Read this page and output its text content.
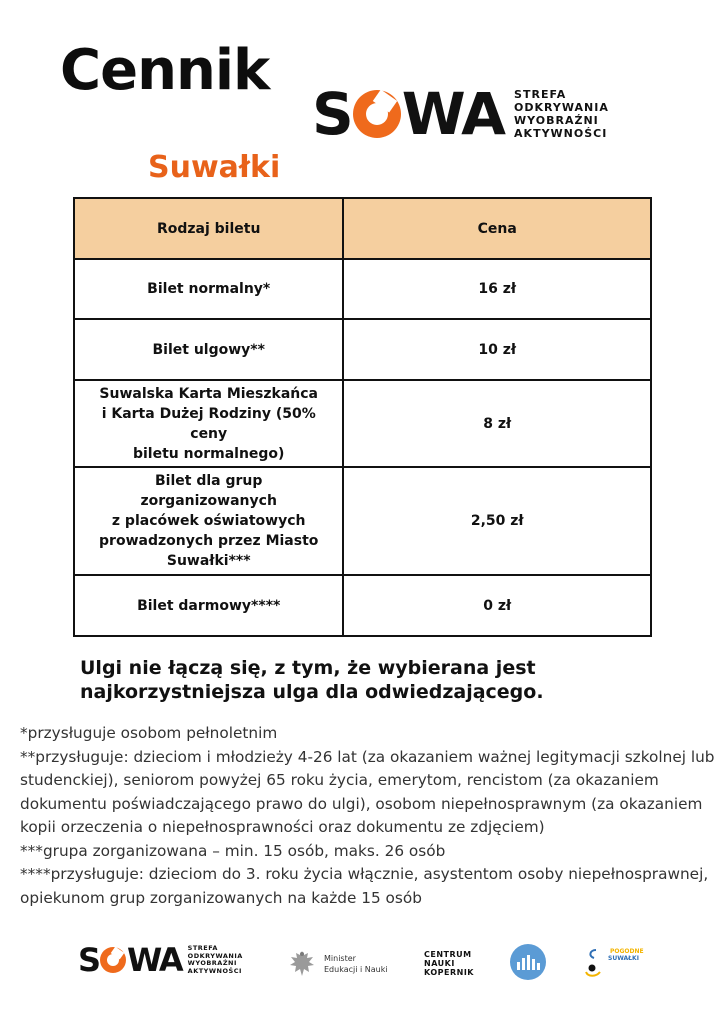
Cennik
S WA STREFA
ODKRYWANIA
WYOBRAŹNI
AKTYWNOŚCI
Suwałki
Rodzaj biletu	Cena
Bilet normalny*	16 zł
Bilet ulgowy**	10 zł

Suwalska Karta Mieszkańca
i Karta Dużej Rodziny (50% ceny
biletu normalnego)	8 zł

Bilet dla grup zorganizowanych
z placówek oświatowych
prowadzonych przez Miasto
Suwałki***	2,50 zł
Bilet darmowy****	0 zł
Ulgi nie łączą się, z tym, że wybierana jest
najkorzystniejsza ulga dla odwiedzającego.
*przysługuje osobom pełnoletnim
**przysługuje: dzieciom i młodzieży 4-26 lat (za okazaniem ważnej legitymacji szkolnej lub
studenckiej), seniorom powyżej 65 roku życia, emerytom, rencistom (za okazaniem
dokumentu poświadczającego prawo do ulgi), osobom niepełnosprawnym (za okazaniem
kopii orzeczenia o niepełnosprawności oraz dokumentu ze zdjęciem)
***grupa zorganizowana – min. 15 osób, maks. 26 osób
****przysługuje: dzieciom do 3. roku życia włącznie, asystentom osoby niepełnosprawnej,
opiekunom grup zorganizowanych na każde 15 osób
S WA STREFA
ODKRYWANIA
WYOBRAŹNI
AKTYWNOŚCI
Minister
Edukacji i Nauki
CENTRUM
NAUKI
KOPERNIK
POGODNE
SUWAŁKI
